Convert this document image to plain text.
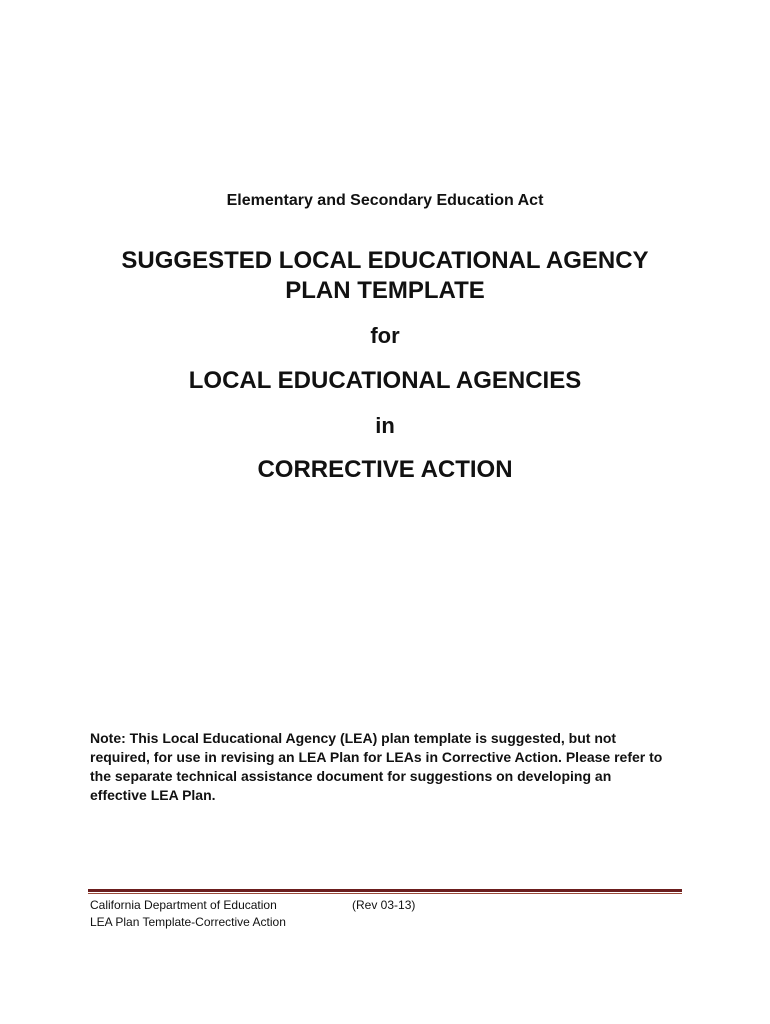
Elementary and Secondary Education Act
SUGGESTED LOCAL EDUCATIONAL AGENCY
PLAN TEMPLATE
for
LOCAL EDUCATIONAL AGENCIES
in
CORRECTIVE ACTION
Note: This Local Educational Agency (LEA) plan template is suggested, but not required, for use in revising an LEA Plan for LEAs in Corrective Action. Please refer to the separate technical assistance document for suggestions on developing an effective LEA Plan.
California Department of Education
LEA Plan Template-Corrective Action
(Rev 03-13)
